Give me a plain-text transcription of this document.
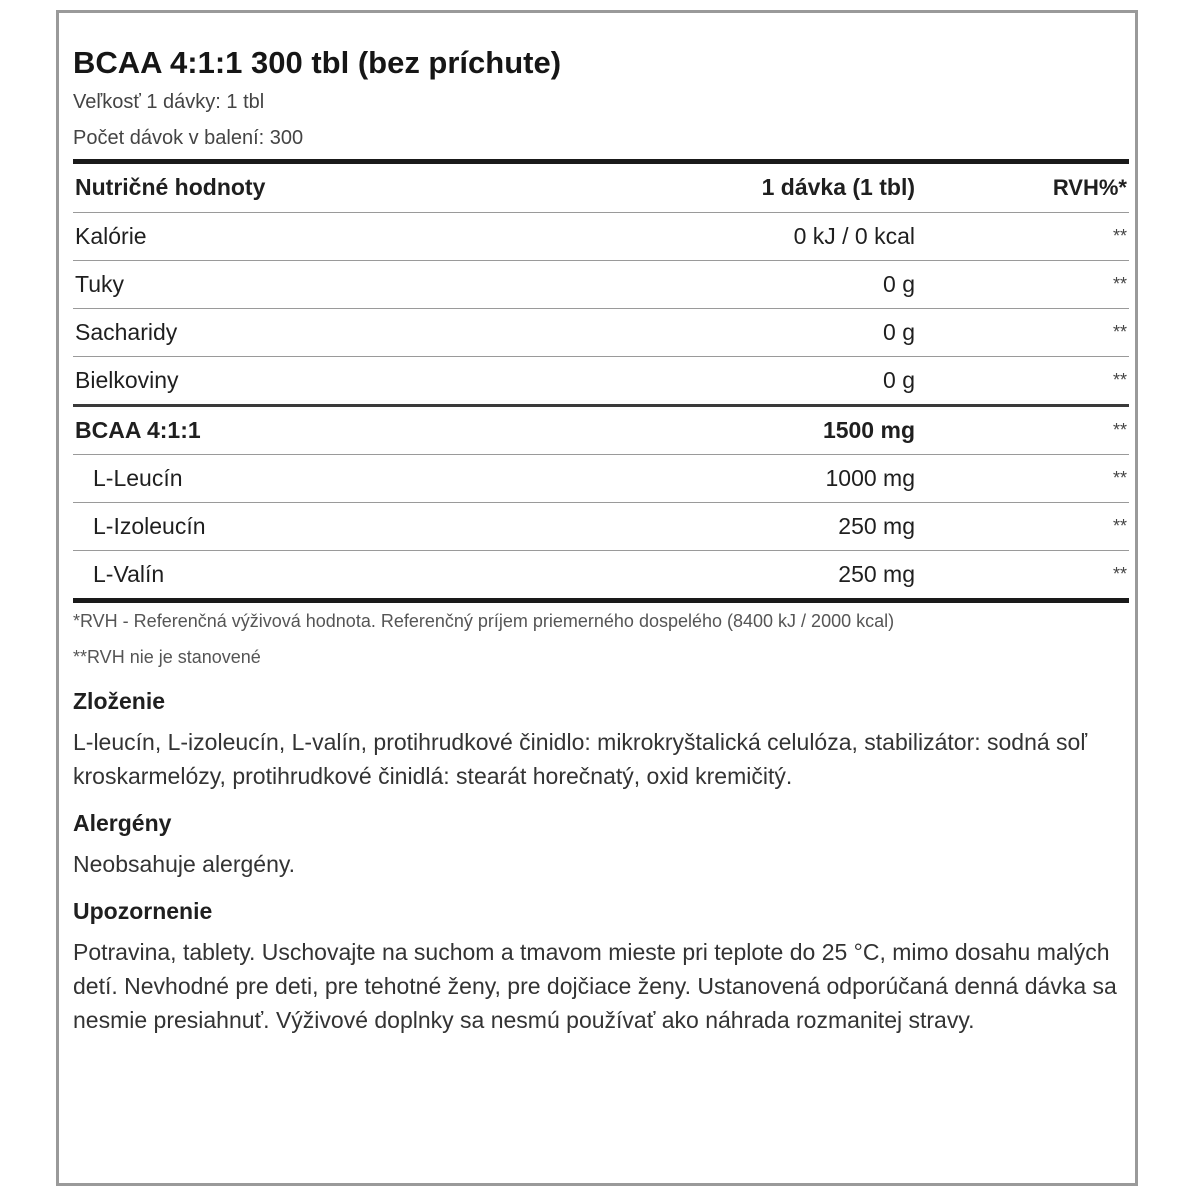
BCAA 4:1:1 300 tbl (bez príchute)
Veľkosť 1 dávky: 1 tbl
Počet dávok v balení: 300
Nutričné hodnoty	1 dávka (1 tbl)	RVH%*
Kalórie	0 kJ / 0 kcal	**
Tuky	0 g	**
Sacharidy	0 g	**
Bielkoviny	0 g	**
BCAA 4:1:1	1500 mg	**
L-Leucín	1000 mg	**
L-Izoleucín	250 mg	**
L-Valín	250 mg	**
*RVH - Referenčná výživová hodnota. Referenčný príjem priemerného dospelého (8400 kJ / 2000 kcal)
**RVH nie je stanovené
Zloženie
L-leucín, L-izoleucín, L-valín, protihrudkové činidlo: mikrokryštalická celulóza, stabilizátor: sodná soľ kroskarmelózy, protihrudkové činidlá: stearát horečnatý, oxid kremičitý.
Alergény
Neobsahuje alergény.
Upozornenie
Potravina, tablety. Uschovajte na suchom a tmavom mieste pri teplote do 25 °C, mimo dosahu malých detí. Nevhodné pre deti, pre tehotné ženy, pre dojčiace ženy. Ustanovená odporúčaná denná dávka sa nesmie presiahnuť. Výživové doplnky sa nesmú používať ako náhrada rozmanitej stravy.
